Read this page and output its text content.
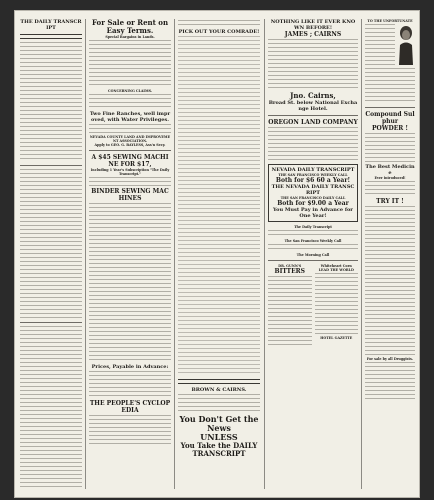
THE DAILY TRANSCRIPT
For Sale or Rent on Easy Terms.
Special Bargains in Lands.
CONCERNING CLAIMS.
Two Fine Ranches, well improved, with Water Privileges.
NEVADA COUNTY LAND AND IMPROVEMENT ASSOCIATION.
Apply to GEO. G. BAYLESS, Ass'n Secy.
A $45 SEWING MACHINE FOR $17,
Including 1 Year's Subscription "The Daily Transcript."
BINDER SEWING MACHINES
Prices, Payable in Advance:
THE PEOPLE'S CYCLOPEDIA
PICK OUT YOUR COMRADE!
BROWN & CAIRNS.
You Don't Get the News
UNLESS
You Take the DAILY TRANSCRIPT
NOTHING LIKE IT EVER KNOWN BEFORE!
JAMES ; CAIRNS
Jno. Cairns,
Broad St. below National Exchange Hotel.
OREGON LAND COMPANY
NEVADA DAILY TRANSCRIPT
THE SAN FRANCISCO WEEKLY CALL
Both for $6 60 a Year!
THE NEVADA DAILY TRANSCRIPT
THE SAN FRANCISCO DAILY CALL
Both for $9.00 a Year
You Must Pay in Advance for One Year!
The Daily Transcript
The San Francisco Weekly Call
The Morning Call
DR. GUNN'S
BITTERS
Whiteheart Corn
LEAD THE WORLD
HOTEL GAZETTE
TO THE UNFORTUNATE
Compound Sulphur
POWDER !
The Best Medicine
Ever introduced!
TRY IT !
For sale by all Druggists.
